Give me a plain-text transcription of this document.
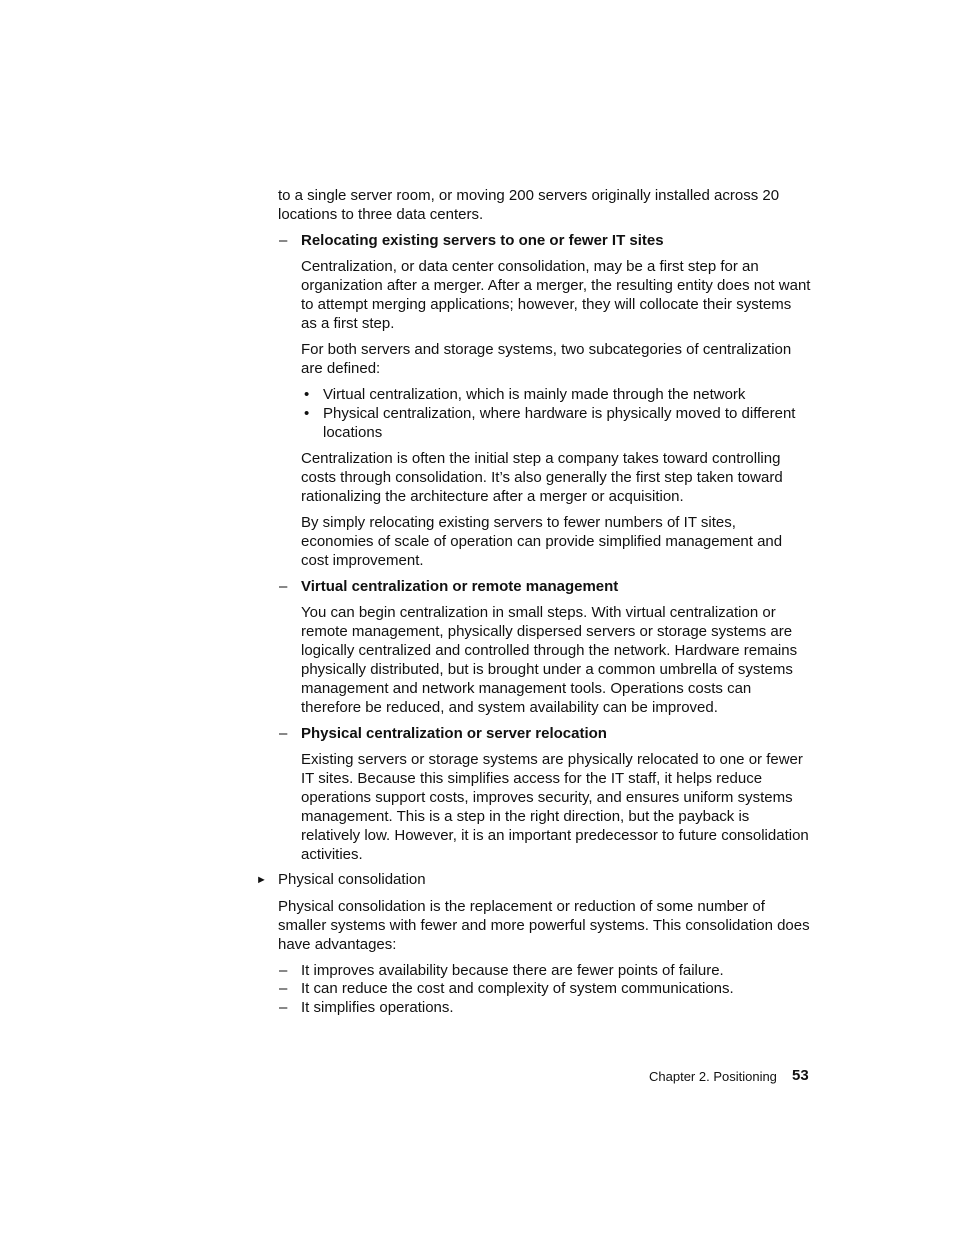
to a single server room, or moving 200 servers originally installed across 20 locations to three data centers.

– Relocating existing servers to one or fewer IT sites

Centralization, or data center consolidation, may be a first step for an organization after a merger. After a merger, the resulting entity does not want to attempt merging applications; however, they will collocate their systems as a first step.

For both servers and storage systems, two subcategories of centralization are defined:

• Virtual centralization, which is mainly made through the network

• Physical centralization, where hardware is physically moved to different locations

Centralization is often the initial step a company takes toward controlling costs through consolidation. It’s also generally the first step taken toward rationalizing the architecture after a merger or acquisition.

By simply relocating existing servers to fewer numbers of IT sites, economies of scale of operation can provide simplified management and cost improvement.

– Virtual centralization or remote management

You can begin centralization in small steps. With virtual centralization or remote management, physically dispersed servers or storage systems are logically centralized and controlled through the network. Hardware remains physically distributed, but is brought under a common umbrella of systems management and network management tools. Operations costs can therefore be reduced, and system availability can be improved.

– Physical centralization or server relocation

Existing servers or storage systems are physically relocated to one or fewer IT sites. Because this simplifies access for the IT staff, it helps reduce operations support costs, improves security, and ensures uniform systems management. This is a step in the right direction, but the payback is relatively low. However, it is an important predecessor to future consolidation activities.

► Physical consolidation

Physical consolidation is the replacement or reduction of some number of smaller systems with fewer and more powerful systems. This consolidation does have advantages:

– It improves availability because there are fewer points of failure.

– It can reduce the cost and complexity of system communications.

– It simplifies operations.

Chapter 2. Positioning 53
